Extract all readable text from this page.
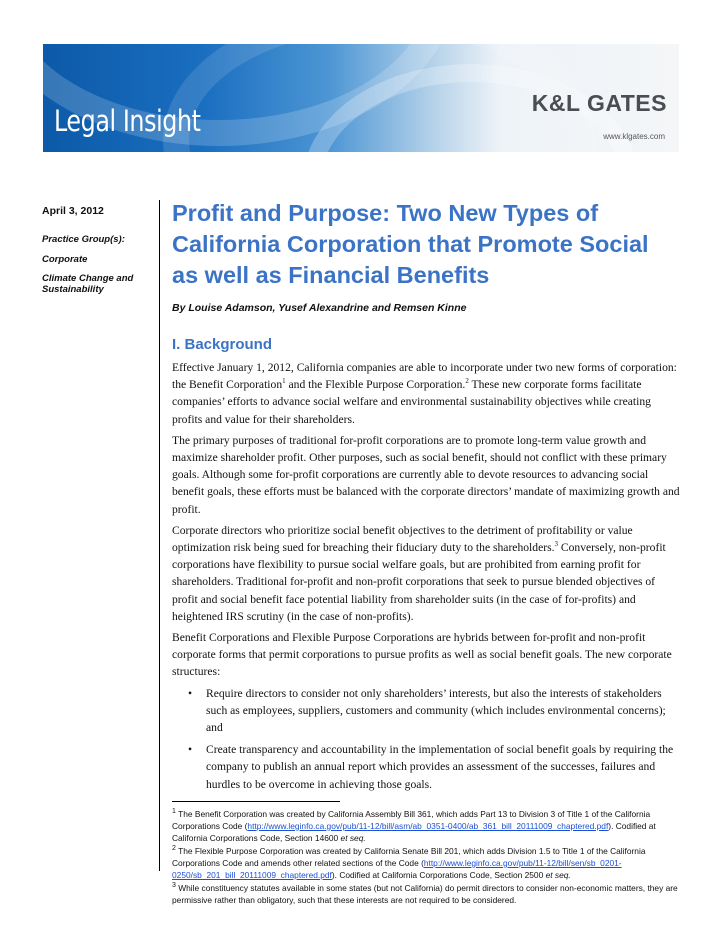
Legal Insight
K&L GATES
www.klgates.com

April 3, 2012

Practice Group(s):

Corporate

Climate Change and Sustainability

Profit and Purpose: Two New Types of California Corporation that Promote Social as well as Financial Benefits

By Louise Adamson, Yusef Alexandrine and Remsen Kinne

I. Background

Effective January 1, 2012, California companies are able to incorporate under two new forms of corporation: the Benefit Corporation$^1$ and the Flexible Purpose Corporation.$^2$ These new corporate forms facilitate companies’ efforts to advance social welfare and environmental sustainability objectives while creating profits and value for their shareholders.

The primary purposes of traditional for-profit corporations are to promote long-term value growth and maximize shareholder profit. Other purposes, such as social benefit, should not conflict with these primary goals. Although some for-profit corporations are currently able to devote resources to advancing social benefit goals, these efforts must be balanced with the corporate directors’ mandate of maximizing growth and profit.

Corporate directors who prioritize social benefit objectives to the detriment of profitability or value optimization risk being sued for breaching their fiduciary duty to the shareholders.$^3$ Conversely, non-profit corporations have flexibility to pursue social welfare goals, but are prohibited from earning profit for shareholders. Traditional for-profit and non-profit corporations that seek to pursue blended objectives of profit and social benefit face potential liability from shareholder suits (in the case of for-profits) and heightened IRS scrutiny (in the case of non-profits).

Benefit Corporations and Flexible Purpose Corporations are hybrids between for-profit and non-profit corporate forms that permit corporations to pursue profits as well as social benefit goals. The new corporate structures:

• Require directors to consider not only shareholders’ interests, but also the interests of stakeholders such as employees, suppliers, customers and community (which includes environmental concerns); and
• Create transparency and accountability in the implementation of social benefit goals by requiring the company to publish an annual report which provides an assessment of the successes, failures and hurdles to be overcome in achieving those goals.

$^1$ The Benefit Corporation was created by California Assembly Bill 361, which adds Part 13 to Division 3 of Title 1 of the California Corporations Code (http://www.leginfo.ca.gov/pub/11-12/bill/asm/ab_0351-0400/ab_361_bill_20111009_chaptered.pdf). Codified at California Corporations Code, Section 14600 et seq.

$^2$ The Flexible Purpose Corporation was created by California Senate Bill 201, which adds Division 1.5 to Title 1 of the California Corporations Code and amends other related sections of the Code (http://www.leginfo.ca.gov/pub/11-12/bill/sen/sb_0201-0250/sb_201_bill_20111009_chaptered.pdf). Codified at California Corporations Code, Section 2500 et seq.

$^3$ While constituency statutes available in some states (but not California) do permit directors to consider non-economic matters, they are permissive rather than obligatory, such that these interests are not required to be considered.
